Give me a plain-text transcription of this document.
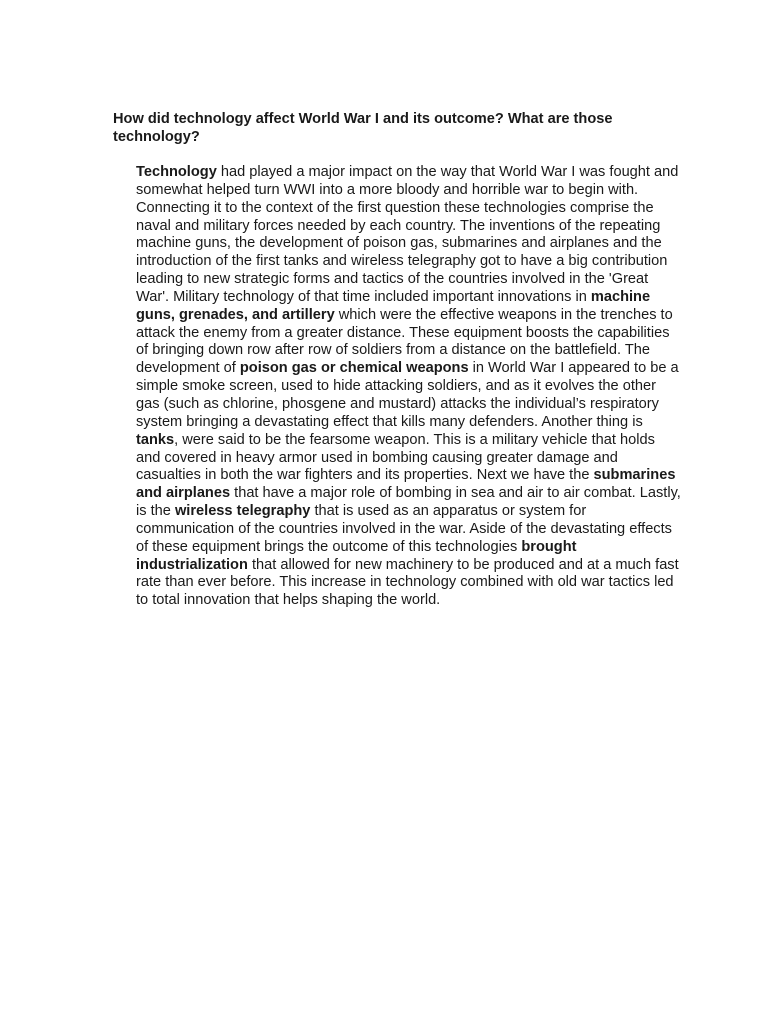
How did technology affect World War I and its outcome? What are those technology?

Technology had played a major impact on the way that World War I was fought and somewhat helped turn WWI into a more bloody and horrible war to begin with. Connecting it to the context of the first question these technologies comprise the naval and military forces needed by each country. The inventions of the repeating machine guns, the development of poison gas, submarines and airplanes and the introduction of the first tanks and wireless telegraphy got to have a big contribution leading to new strategic forms and tactics of the countries involved in the 'Great War'. Military technology of that time included important innovations in machine guns, grenades, and artillery which were the effective weapons in the trenches to attack the enemy from a greater distance. These equipment boosts the capabilities of bringing down row after row of soldiers from a distance on the battlefield. The development of poison gas or chemical weapons in World War I appeared to be a simple smoke screen, used to hide attacking soldiers, and as it evolves the other gas (such as chlorine, phosgene and mustard) attacks the individual’s respiratory system bringing a devastating effect that kills many defenders. Another thing is tanks, were said to be the fearsome weapon. This is a military vehicle that holds and covered in heavy armor used in bombing causing greater damage and casualties in both the war fighters and its properties. Next we have the submarines and airplanes that have a major role of bombing in sea and air to air combat. Lastly, is the wireless telegraphy that is used as an apparatus or system for communication of the countries involved in the war. Aside of the devastating effects of these equipment brings the outcome of this technologies brought industrialization that allowed for new machinery to be produced and at a much fast rate than ever before. This increase in technology combined with old war tactics led to total innovation that helps shaping the world.
